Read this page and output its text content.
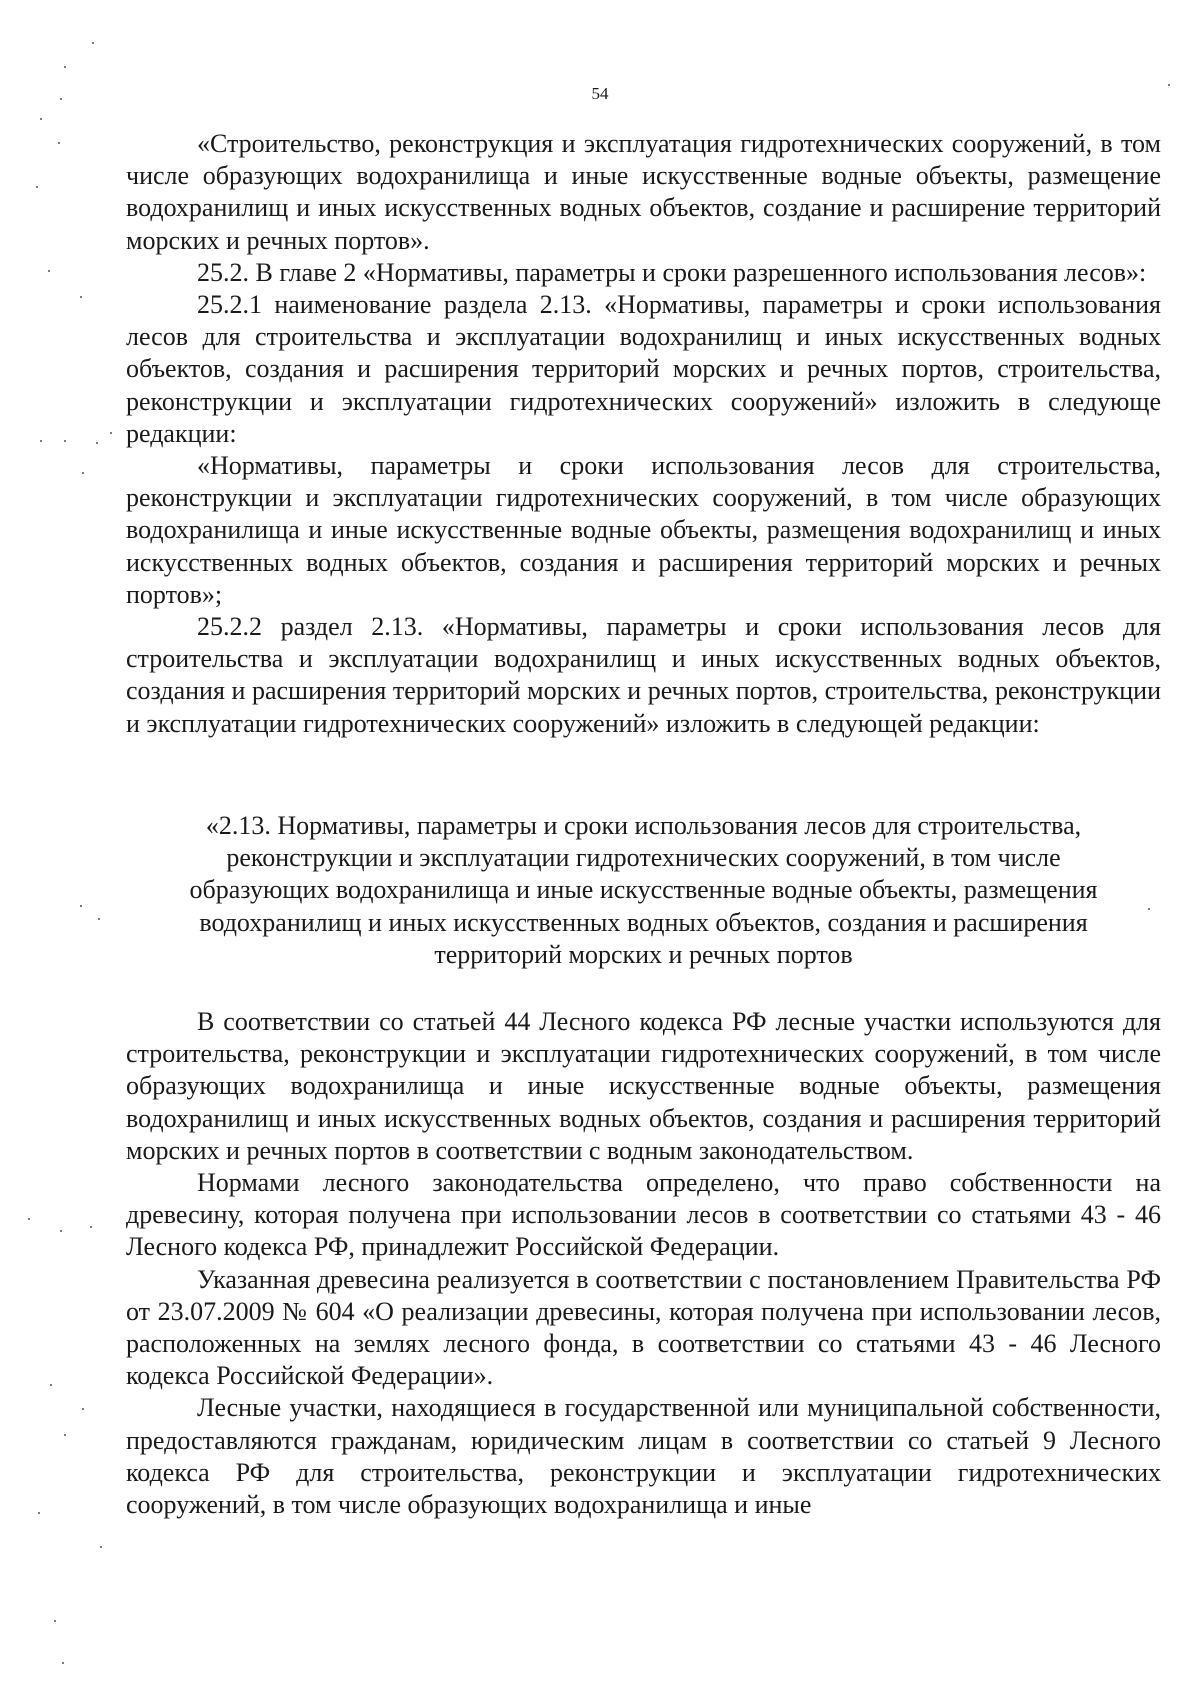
54

«Строительство, реконструкция и эксплуатация гидротехнических сооружений, в том числе образующих водохранилища и иные искусственные водные объекты, размещение водохранилищ и иных искусственных водных объектов, создание и расширение территорий морских и речных портов».

25.2. В главе 2 «Нормативы, параметры и сроки разрешенного использования лесов»:

25.2.1 наименование раздела 2.13. «Нормативы, параметры и сроки использования лесов для строительства и эксплуатации водохранилищ и иных искусственных водных объектов, создания и расширения территорий морских и речных портов, строительства, реконструкции и эксплуатации гидротехнических сооружений» изложить в следующе редакции:

«Нормативы, параметры и сроки использования лесов для строительства, реконструкции и эксплуатации гидротехнических сооружений, в том числе образующих водохранилища и иные искусственные водные объекты, размещения водохранилищ и иных искусственных водных объектов, создания и расширения территорий морских и речных портов»;

25.2.2 раздел 2.13. «Нормативы, параметры и сроки использования лесов для строительства и эксплуатации водохранилищ и иных искусственных водных объектов, создания и расширения территорий морских и речных портов, строительства, реконструкции и эксплуатации гидротехнических сооружений» изложить в следующей редакции:

«2.13. Нормативы, параметры и сроки использования лесов для строительства,
реконструкции и эксплуатации гидротехнических сооружений, в том числе
образующих водохранилища и иные искусственные водные объекты, размещения
водохранилищ и иных искусственных водных объектов, создания и расширения
территорий морских и речных портов

В соответствии со статьей 44 Лесного кодекса РФ лесные участки используются для строительства, реконструкции и эксплуатации гидротехнических сооружений, в том числе образующих водохранилища и иные искусственные водные объекты, размещения водохранилищ и иных искусственных водных объектов, создания и расширения территорий морских и речных портов в соответствии с водным законодательством.

Нормами лесного законодательства определено, что право собственности на древесину, которая получена при использовании лесов в соответствии со статьями 43 - 46 Лесного кодекса РФ, принадлежит Российской Федерации.

Указанная древесина реализуется в соответствии с постановлением Правительства РФ от 23.07.2009 № 604 «О реализации древесины, которая получена при использовании лесов, расположенных на землях лесного фонда, в соответствии со статьями 43 - 46 Лесного кодекса Российской Федерации».

Лесные участки, находящиеся в государственной или муниципальной собственности, предоставляются гражданам, юридическим лицам в соответствии со статьей 9 Лесного кодекса РФ для строительства, реконструкции и эксплуатации гидротехнических сооружений, в том числе образующих водохранилища и иные
